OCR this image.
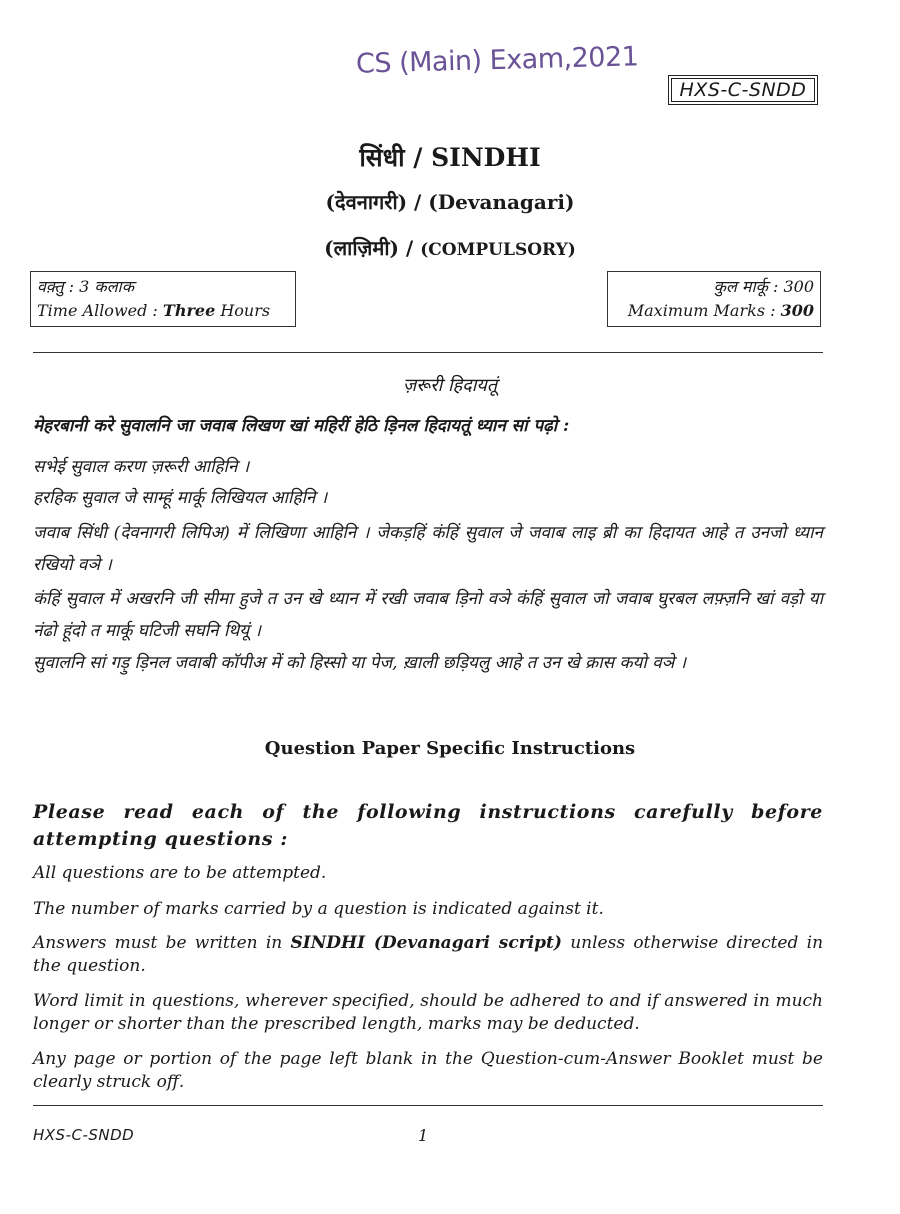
CS (Main) Exam,2021
HXS-C-SNDD
सिंधी / SINDHI
(देवनागरी) / (Devanagari)
(लाज़िमी) / (COMPULSORY)
वक़्तु : 3 कलाक
Time Allowed : Three Hours
कुल मार्कू : 300
Maximum Marks : 300
ज़रूरी हिदायतूं
मेहरबानी करे सुवालनि जा जवाब लिखण खां महिरीं हेठि ड़िनल हिदायतूं ध्यान सां पढ़ो :
सभेई सुवाल करण ज़रूरी आहिनि ।
हरहिक सुवाल जे साम्हूं मार्कू लिखियल आहिनि ।
जवाब सिंधी (देवनागरी लिपिअ) में लिखिणा आहिनि । जेकड़हिं कंहिं सुवाल जे जवाब लाइ ब्री का हिदायत आहे त उनजो ध्यान रखियो वञे ।
कंहिं सुवाल में अखरनि जी सीमा हुजे त उन खे ध्यान में रखी जवाब ड़िनो वञे कंहिं सुवाल जो जवाब घुरबल लफ़्ज़नि खां वड़ो या नंढो हूंदो त मार्कू घटिजी सघनि थियूं ।
सुवालनि सां गड़ु ड़िनल जवाबी कॉपीअ में को हिस्सो या पेज, ख़ाली छड़ियलु आहे त उन खे क्रास कयो वञे ।
Question Paper Specific Instructions
Please read each of the following instructions carefully before attempting questions :
All questions are to be attempted.
The number of marks carried by a question is indicated against it.
Answers must be written in SINDHI (Devanagari script) unless otherwise directed in the question.
Word limit in questions, wherever specified, should be adhered to and if answered in much longer or shorter than the prescribed length, marks may be deducted.
Any page or portion of the page left blank in the Question-cum-Answer Booklet must be clearly struck off.
HXS-C-SNDD	1
